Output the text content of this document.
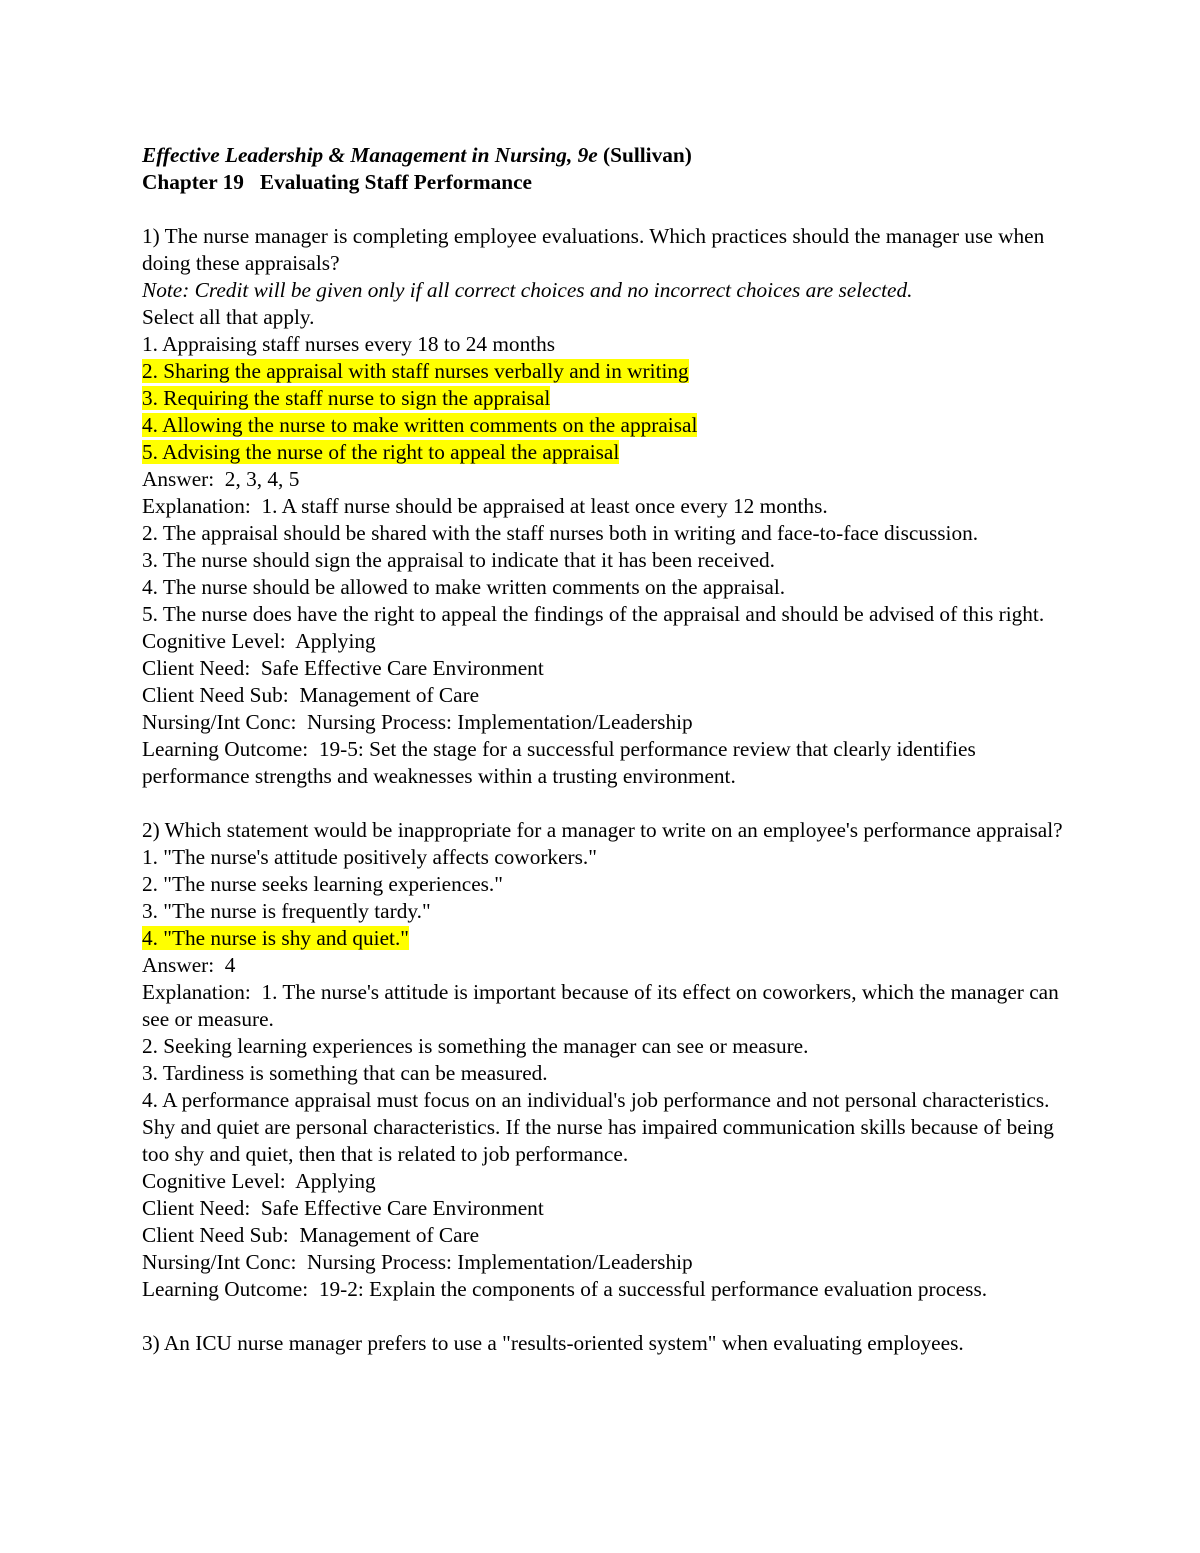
Effective Leadership & Management in Nursing, 9e (Sullivan)
Chapter 19   Evaluating Staff Performance
1) The nurse manager is completing employee evaluations. Which practices should the manager use when doing these appraisals?
Note: Credit will be given only if all correct choices and no incorrect choices are selected.
Select all that apply.
1. Appraising staff nurses every 18 to 24 months
2. Sharing the appraisal with staff nurses verbally and in writing
3. Requiring the staff nurse to sign the appraisal
4. Allowing the nurse to make written comments on the appraisal
5. Advising the nurse of the right to appeal the appraisal
Answer:  2, 3, 4, 5
Explanation:  1. A staff nurse should be appraised at least once every 12 months.
2. The appraisal should be shared with the staff nurses both in writing and face-to-face discussion.
3. The nurse should sign the appraisal to indicate that it has been received.
4. The nurse should be allowed to make written comments on the appraisal.
5. The nurse does have the right to appeal the findings of the appraisal and should be advised of this right.
Cognitive Level:  Applying
Client Need:  Safe Effective Care Environment
Client Need Sub:  Management of Care
Nursing/Int Conc:  Nursing Process: Implementation/Leadership
Learning Outcome:  19-5: Set the stage for a successful performance review that clearly identifies performance strengths and weaknesses within a trusting environment.
2) Which statement would be inappropriate for a manager to write on an employee's performance appraisal?
1. "The nurse's attitude positively affects coworkers."
2. "The nurse seeks learning experiences."
3. "The nurse is frequently tardy."
4. "The nurse is shy and quiet."
Answer:  4
Explanation:  1. The nurse's attitude is important because of its effect on coworkers, which the manager can see or measure.
2. Seeking learning experiences is something the manager can see or measure.
3. Tardiness is something that can be measured.
4. A performance appraisal must focus on an individual's job performance and not personal characteristics. Shy and quiet are personal characteristics. If the nurse has impaired communication skills because of being too shy and quiet, then that is related to job performance.
Cognitive Level:  Applying
Client Need:  Safe Effective Care Environment
Client Need Sub:  Management of Care
Nursing/Int Conc:  Nursing Process: Implementation/Leadership
Learning Outcome:  19-2: Explain the components of a successful performance evaluation process.
3) An ICU nurse manager prefers to use a "results-oriented system" when evaluating employees.
